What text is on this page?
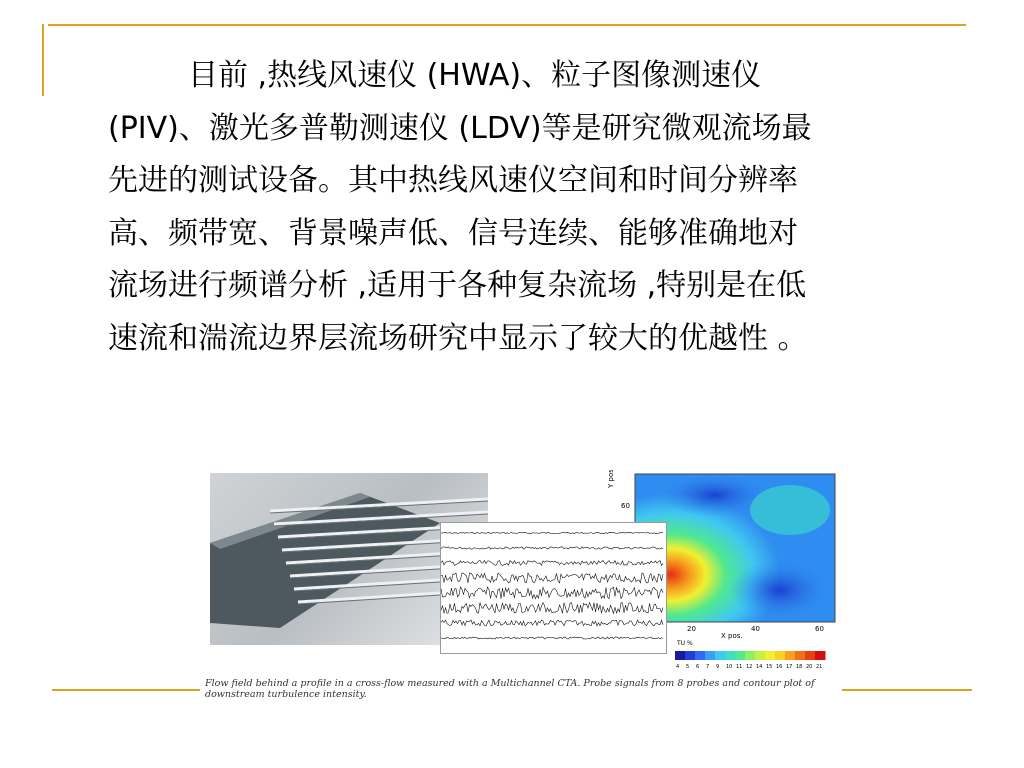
目前 ,热线风速仪 (HWA)、粒子图像测速仪
(PIV)、激光多普勒测速仪 (LDV)等是研究微观流场最
先进的测试设备。其中热线风速仪空间和时间分辨率
高、频带宽、背景噪声低、信号连续、能够准确地对
流场进行频谱分析 ,适用于各种复杂流场 ,特别是在低
速流和湍流边界层流场研究中显示了较大的优越性 。

Y pos.
60
20	40	60
X pos.
TU %
4 5 6 7 9 10 11 12 14 15 16 17 18 20 21
Flow field behind a profile in a cross-flow measured with a Multichannel CTA. Probe signals from 8 probes and contour plot of downstream turbulence intensity.
